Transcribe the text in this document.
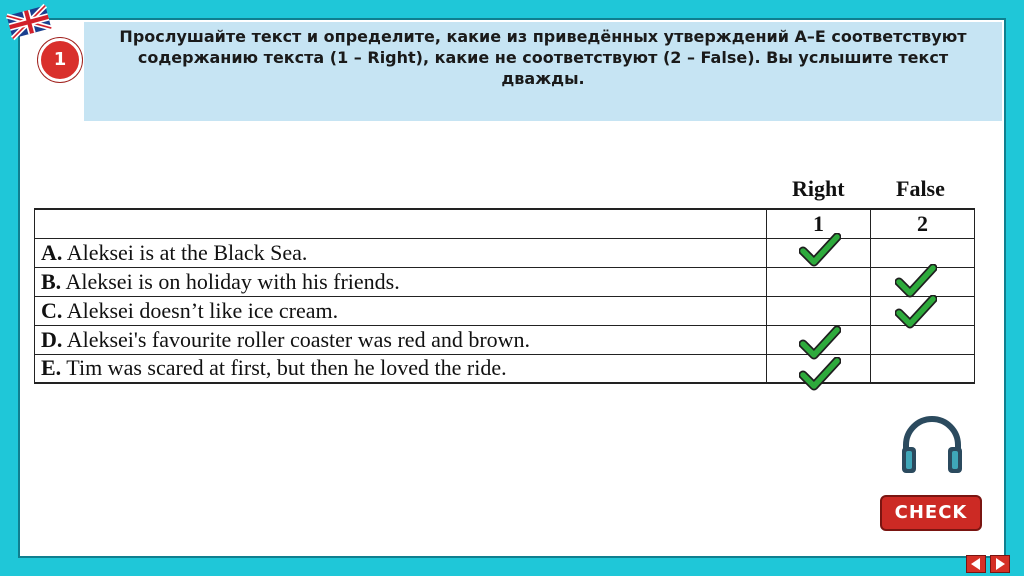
1
Прослушайте текст и определите, какие из приведённых утверждений А–Е соответствуют
содержанию текста (1 – Right), какие не соответствуют (2 – False). Вы услышите текст дважды.
Right False
	1	2
A. Aleksei is at the Black Sea.		
B. Aleksei is on holiday with his friends.		
C. Aleksei doesn’t like ice cream.		
D. Aleksei's favourite roller coaster was red and brown.		
E. Tim was scared at first, but then he loved the ride.		
CHECK
